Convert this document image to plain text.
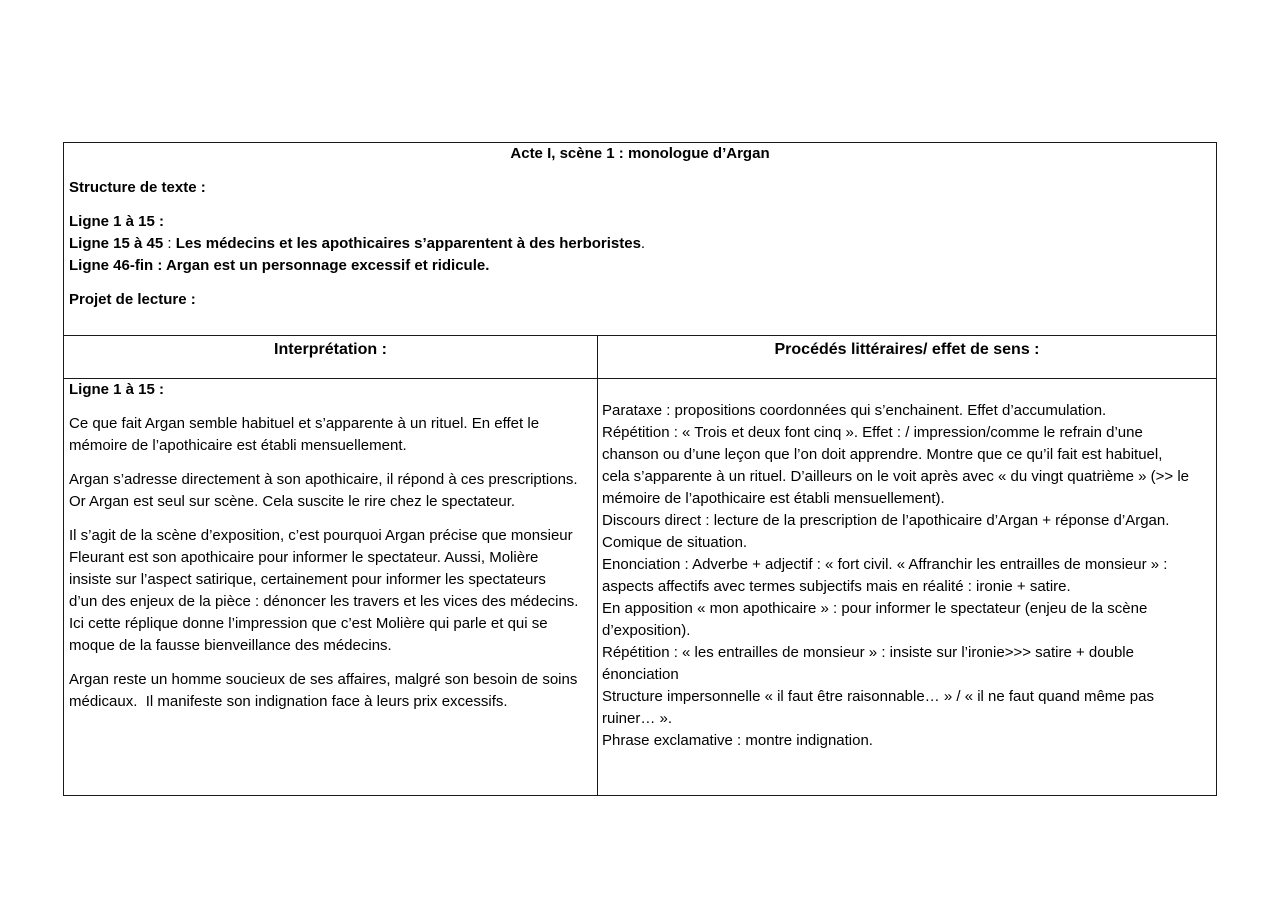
Acte I, scène 1 : monologue d’Argan
Structure de texte :
Ligne 1 à 15 :
Ligne 15 à 45 : Les médecins et les apothicaires s’apparentent à des herboristes.
Ligne 46-fin : Argan est un personnage excessif et ridicule.
Projet de lecture :
Interprétation :	Procédés littéraires/ effet de sens :
Ligne 1 à 15 :
Ce que fait Argan semble habituel et s’apparente à un rituel. En effet le
mémoire de l’apothicaire est établi mensuellement.
Argan s’adresse directement à son apothicaire, il répond à ces prescriptions.
Or Argan est seul sur scène. Cela suscite le rire chez le spectateur.
Il s’agit de la scène d’exposition, c’est pourquoi Argan précise que monsieur
Fleurant est son apothicaire pour informer le spectateur. Aussi, Molière
insiste sur l’aspect satirique, certainement pour informer les spectateurs
d’un des enjeux de la pièce : dénoncer les travers et les vices des médecins.
Ici cette réplique donne l’impression que c’est Molière qui parle et qui se
moque de la fausse bienveillance des médecins.
Argan reste un homme soucieux de ses affaires, malgré son besoin de soins
médicaux.  Il manifeste son indignation face à leurs prix excessifs.
Parataxe : propositions coordonnées qui s’enchainent. Effet d’accumulation.
Répétition : « Trois et deux font cinq ». Effet : / impression/comme le refrain d’une
chanson ou d’une leçon que l’on doit apprendre. Montre que ce qu’il fait est habituel,
cela s’apparente à un rituel. D’ailleurs on le voit après avec « du vingt quatrième » (>> le
mémoire de l’apothicaire est établi mensuellement).
Discours direct : lecture de la prescription de l’apothicaire d’Argan + réponse d’Argan.
Comique de situation.
Enonciation : Adverbe + adjectif : « fort civil. « Affranchir les entrailles de monsieur » :
aspects affectifs avec termes subjectifs mais en réalité : ironie + satire.
En apposition « mon apothicaire » : pour informer le spectateur (enjeu de la scène
d’exposition).
Répétition : « les entrailles de monsieur » : insiste sur l’ironie>>> satire + double
énonciation
Structure impersonnelle « il faut être raisonnable… » / « il ne faut quand même pas
ruiner… ».
Phrase exclamative : montre indignation.
